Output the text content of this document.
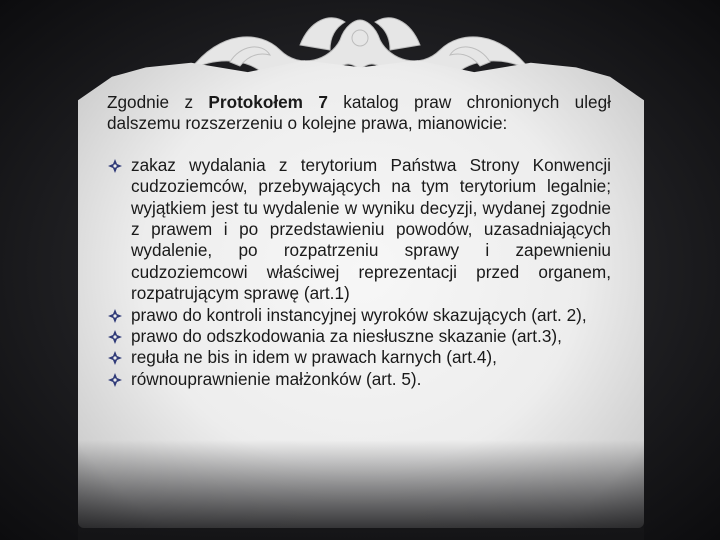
Zgodnie z Protokołem 7 katalog praw chronionych uległ dalszemu rozszerzeniu o kolejne prawa, mianowicie:

zakaz wydalania z terytorium Państwa Strony Konwencji cudzoziemców, przebywających na tym terytorium legalnie; wyjątkiem jest tu wydalenie w wyniku decyzji, wydanej zgodnie z prawem i po przedstawieniu powodów, uzasadniających wydalenie, po rozpatrzeniu sprawy i zapewnieniu cudzoziemcowi właściwej reprezentacji przed organem, rozpatrującym sprawę (art.1)
prawo do kontroli instancyjnej wyroków skazujących (art. 2),
prawo do odszkodowania za niesłuszne skazanie (art.3),
reguła ne bis in idem w prawach karnych (art.4),
równouprawnienie małżonków (art. 5).
